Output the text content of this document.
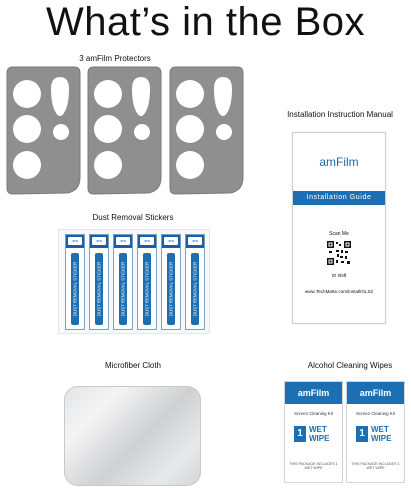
What’s in the Box
3 amFilm Protectors
Installation Instruction Manual
amFilm
Installation Guide
Scan Me
or visit
www.TechMatte.com/install/GLS2
Dust Removal Stickers
am
DUST REMOVAL STICKER
am
DUST REMOVAL STICKER
am
DUST REMOVAL STICKER
am
DUST REMOVAL STICKER
am
DUST REMOVAL STICKER
am
DUST REMOVAL STICKER
Microfiber Cloth	Alcohol Cleaning Wipes
amFilm
Screen Cleaning Kit
1 WET
WIPE
THIS PACKAGE INCLUDES 1 WET WIPE
amFilm
Screen Cleaning Kit
1 WET
WIPE
THIS PACKAGE INCLUDES 1 WET WIPE
